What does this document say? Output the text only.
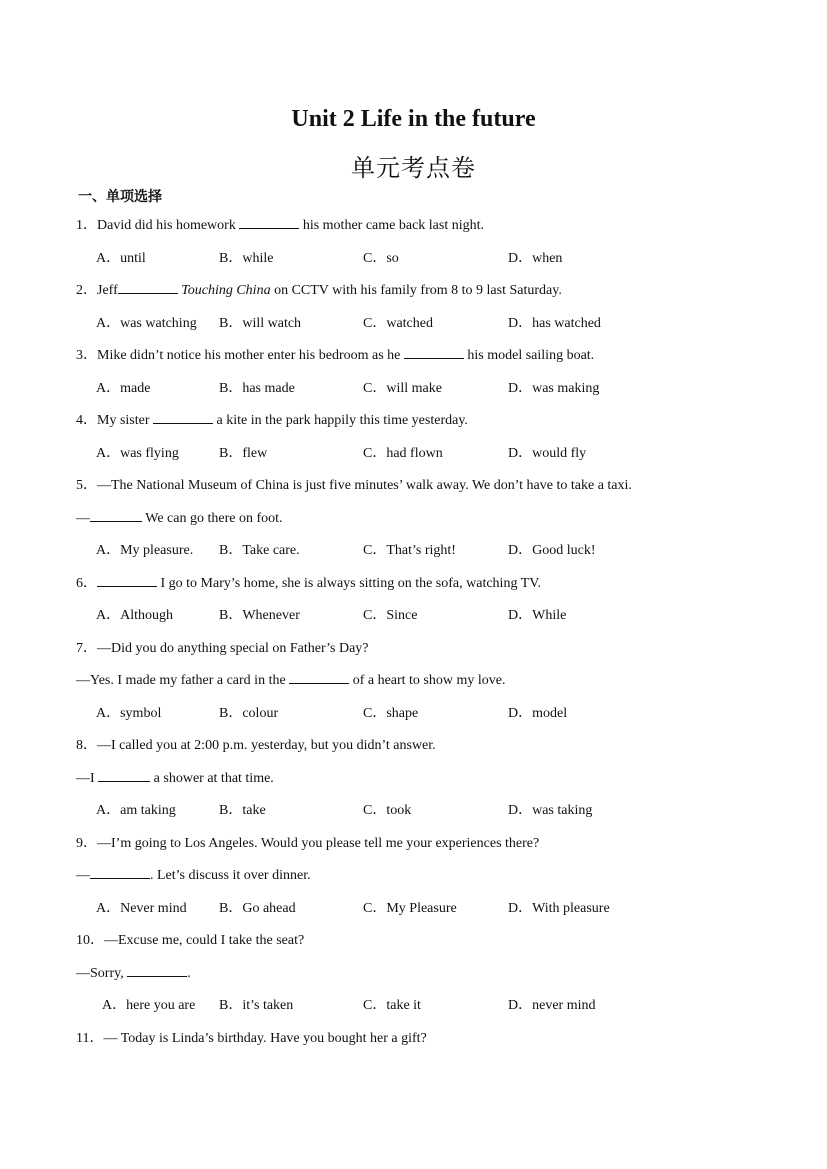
Unit 2 Life in the future
单元考点卷
一、单项选择
1．David did his homework	his mother came back last night.
A．until	B．while	C．so	D．when
2．Jeff	Touching China on CCTV with his family from 8 to 9 last Saturday.
A．was watching B．will watch	C．watched	D．has watched
3．Mike didn’t notice his mother enter his bedroom as he	his model sailing boat.
A．made	B．has made	C．will make	D．was making
4．My sister	a kite in the park happily this time yesterday.
A．was flying	B．flew	C．had flown	D．would fly
5．—The National Museum of China is just five minutes’ walk away. We don’t have to take a taxi.
—	We can go there on foot.
A．My pleasure. B．Take care.	C．That’s right!	D．Good luck!
6．	I go to Mary’s home, she is always sitting on the sofa, watching TV.
A．Although	B．Whenever	C．Since	D．While
7．—Did you do anything special on Father’s Day?
—Yes. I made my father a card in the	of a heart to show my love.
A．symbol	B．colour	C．shape	D．model
8．—I called you at 2:00 p.m. yesterday, but you didn’t answer.
—I	a shower at that time.
A．am taking	B．take	C．took	D．was taking
9．—I’m going to Los Angeles. Would you please tell me your experiences there?
—	. Let’s discuss it over dinner.
A．Never mind B．Go ahead	C．My Pleasure	D．With pleasure
10．—Excuse me, could I take the seat?
—Sorry,	.
A．here you are B．it’s taken	C．take it	D．never mind
11．— Today is Linda’s birthday. Have you bought her a gift?
